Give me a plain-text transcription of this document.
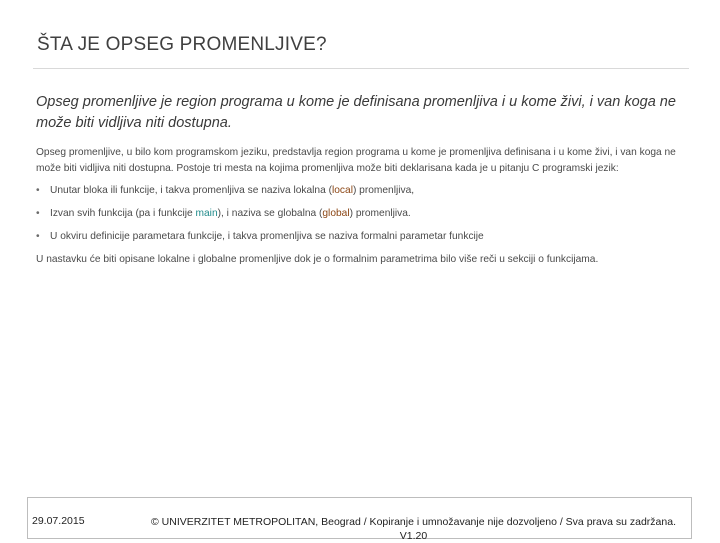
ŠTA JE OPSEG PROMENLJIVE?
Opseg promenljive je region programa u kome je definisana promenljiva i u kome živi, i van koga ne može biti vidljiva niti dostupna.

Opseg promenljive, u bilo kom programskom jeziku, predstavlja region programa u kome je promenljiva definisana i u kome živi, i van koga ne može biti vidljiva niti dostupna. Postoje tri mesta na kojima promenljiva može biti deklarisana kada je u pitanju C programski jezik:

• Unutar bloka ili funkcije, i takva promenljiva se naziva lokalna (local) promenljiva,
• Izvan svih funkcija (pa i funkcije main), i naziva se globalna (global) promenljiva.
• U okviru definicije parametara funkcije, i takva promenljiva se naziva formalni parametar funkcije

U nastavku će biti opisane lokalne i globalne promenljive dok je o formalnim parametrima bilo više reči u sekciji o funkcijama.

29.07.2015	© UNIVERZITET METROPOLITAN, Beograd / Kopiranje i umnožavanje nije dozvoljeno / Sva prava su zadržana. V1.20
